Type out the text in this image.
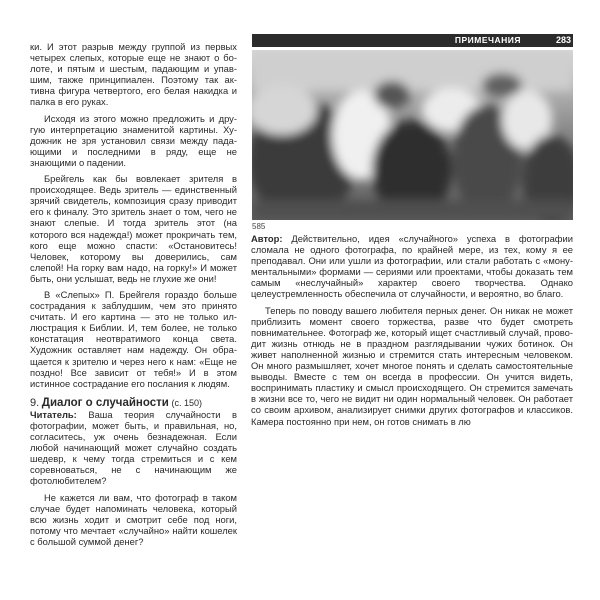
ПРИМЕЧАНИЯ	283
585

ки. И этот разрыв между группой из первых четырех слепых, которые еще не знают о болоте, и пятым и шестым, падающим и упавшим, также принципиален. Поэтому так активна фигура четвертого, его белая накидка и палка в его руках.

Исходя из этого можно предложить и другую интерпретацию знаменитой картины. Художник не зря установил связи между падающими и последними в ряду, еще не знающими о падении.

Брейгель как бы вовлекает зрителя в происходящее. Ведь зритель — единственный зрячий свидетель, композиция сразу приводит его к финалу. Это зритель знает о том, чего не знают слепые. И тогда зритель этот (на которого вся надежда!) может прокричать тем, кого еще можно спасти: «Остановитесь! Человек, которому вы доверились, сам слепой! На горку вам надо, на горку!» И может быть, они услышат, ведь не глухие же они!

В «Слепых» П. Брейгеля гораздо больше сострадания к заблудшим, чем это принято считать. И его картина — это не только иллюстрация к Библии. И, тем более, не только констатация неотвратимого конца света. Художник оставляет нам надежду. Он обращается к зрителю и через него к нам: «Еще не поздно! Все зависит от тебя!» И в этом истинное сострадание его послания к людям.

9. Диалог о случайности (с. 150)

Читатель: Ваша теория случайности в фотографии, может быть, и правильная, но, согласитесь, уж очень безнадежная. Если любой начинающий может случайно создать шедевр, к чему тогда стремиться и с кем соревноваться, не с начинающим же фотолюбителем?

Не кажется ли вам, что фотограф в таком случае будет напоминать человека, который всю жизнь ходит и смотрит себе под ноги, потому что мечтает «случайно» найти кошелек с большой суммой денег?

Автор: Действительно, идея «случайного» успеха в фотографии сломала не одного фотографа, по крайней мере, из тех, кому я ее преподавал. Они или ушли из фотографии, или стали работать с «монументальными» формами — сериями или проектами, чтобы доказать тем самым «неслучайный» характер своего творчества. Однако целеустремленность обеспечила от случайности, и вероятно, во благо.

Теперь по поводу вашего любителя перных денег. Он никак не может приблизить момент своего торжества, разве что будет смотреть повнимательнее. Фотограф же, который ищет счастливый случай, проводит жизнь отнюдь не в праздном разглядывании чужих ботинок. Он живет наполненной жизнью и стремится стать интересным человеком. Он много размышляет, хочет многое понять и сделать самостоятельные выводы. Вместе с тем он всегда в профессии. Он учится видеть, воспринимать пластику и смысл происходящего. Он стремится замечать в жизни все то, чего не видит ни один нормальный человек. Он работает со своим архивом, анализирует снимки других фотографов и классиков. Камера постоянно при нем, он готов снимать в лю
